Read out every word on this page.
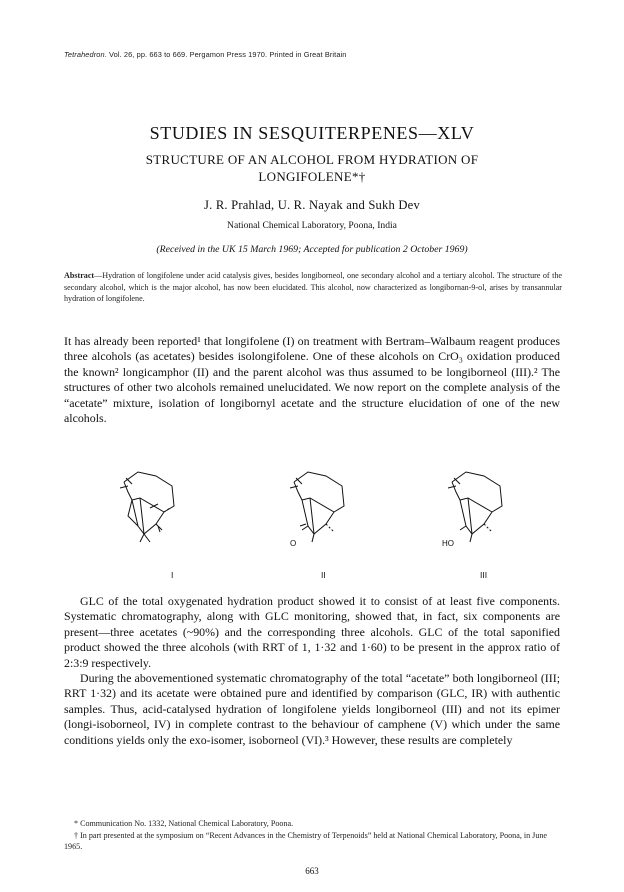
Tetrahedron. Vol. 26, pp. 663 to 669. Pergamon Press 1970. Printed in Great Britain
STUDIES IN SESQUITERPENES—XLV
STRUCTURE OF AN ALCOHOL FROM HYDRATION OF LONGIFOLENE*†
J. R. Prahlad, U. R. Nayak and Sukh Dev
National Chemical Laboratory, Poona, India
(Received in the UK 15 March 1969; Accepted for publication 2 October 1969)
Abstract—Hydration of longifolene under acid catalysis gives, besides longiborneol, one secondary alcohol and a tertiary alcohol. The structure of the secondary alcohol, which is the major alcohol, has now been elucidated. This alcohol, now characterized as longibornan-9-ol, arises by transannular hydration of longifolene.
It has already been reported¹ that longifolene (I) on treatment with Bertram–Walbaum reagent produces three alcohols (as acetates) besides isolongifolene. One of these alcohols on CrO₃ oxidation produced the known² longicamphor (II) and the parent alcohol was thus assumed to be longiborneol (III).² The structures of other two alcohols remained unelucidated. We now report on the complete analysis of the “acetate” mixture, isolation of longibornyl acetate and the structure elucidation of one of the new alcohols.
O	HO
I	II	III

GLC of the total oxygenated hydration product showed it to consist of at least five components. Systematic chromatography, along with GLC monitoring, showed that, in fact, six components are present—three acetates (~90%) and the corresponding three alcohols. GLC of the total saponified product showed the three alcohols (with RRT of 1, 1·32 and 1·60) to be present in the approx ratio of 2:3:9 respectively.

During the abovementioned systematic chromatography of the total “acetate” both longiborneol (III; RRT 1·32) and its acetate were obtained pure and identified by comparison (GLC, IR) with authentic samples. Thus, acid-catalysed hydration of longifolene yields longiborneol (III) and not its epimer (longi-isoborneol, IV) in complete contrast to the behaviour of camphene (V) which under the same conditions yields only the exo-isomer, isoborneol (VI).³ However, these results are completely

* Communication No. 1332, National Chemical Laboratory, Poona.

† In part presented at the symposium on “Recent Advances in the Chemistry of Terpenoids” held at National Chemical Laboratory, Poona, in June 1965.

663
